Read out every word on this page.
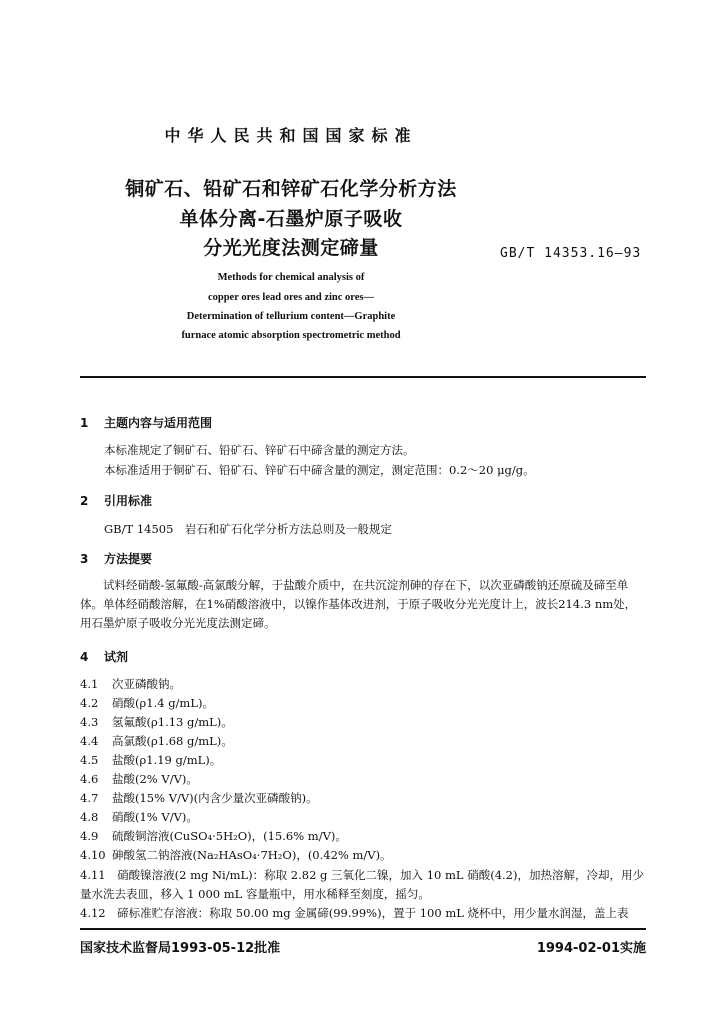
中华人民共和国国家标准
铜矿石、铅矿石和锌矿石化学分析方法
单体分离-石墨炉原子吸收
分光光度法测定碲量	GB/T 14353.16—93
Methods for chemical analysis of
copper ores lead ores and zinc ores—
Determination of tellurium content—Graphite
furnace atomic absorption spectrometric method
1 主题内容与适用范围
本标准规定了铜矿石、铅矿石、锌矿石中碲含量的测定方法。
本标准适用于铜矿石、铅矿石、锌矿石中碲含量的测定，测定范围：0.2～20 μg/g。
2 引用标准
GB/T 14505　岩石和矿石化学分析方法总则及一般规定
3 方法提要
试料经硝酸-氢氟酸-高氯酸分解，于盐酸介质中，在共沉淀剂砷的存在下，以次亚磷酸钠还原硫及碲至单体。单体经硝酸溶解，在1%硝酸溶液中，以镍作基体改进剂，于原子吸收分光光度计上，波长214.3 nm处，用石墨炉原子吸收分光光度法测定碲。
4 试剂
4.1 次亚磷酸钠。
4.2 硝酸(ρ1.4 g/mL)。
4.3 氢氟酸(ρ1.13 g/mL)。
4.4 高氯酸(ρ1.68 g/mL)。
4.5 盐酸(ρ1.19 g/mL)。
4.6 盐酸(2% V/V)。
4.7 盐酸(15% V/V)(内含少量次亚磷酸钠)。
4.8 硝酸(1% V/V)。
4.9 硫酸铜溶液(CuSO₄·5H₂O)，(15.6% m/V)。
4.10 砷酸氢二钠溶液(Na₂HAsO₄·7H₂O)，(0.42% m/V)。
4.11　硝酸镍溶液(2 mg Ni/mL)：称取 2.82 g 三氧化二镍，加入 10 mL 硝酸(4.2)，加热溶解，冷却，用少量水洗去表皿，移入 1 000 mL 容量瓶中，用水稀释至刻度，摇匀。
4.12　碲标准贮存溶液：称取 50.00 mg 金属碲(99.99%)，置于 100 mL 烧杯中，用少量水润湿，盖上表
国家技术监督局1993-05-12批准	1994-02-01实施
